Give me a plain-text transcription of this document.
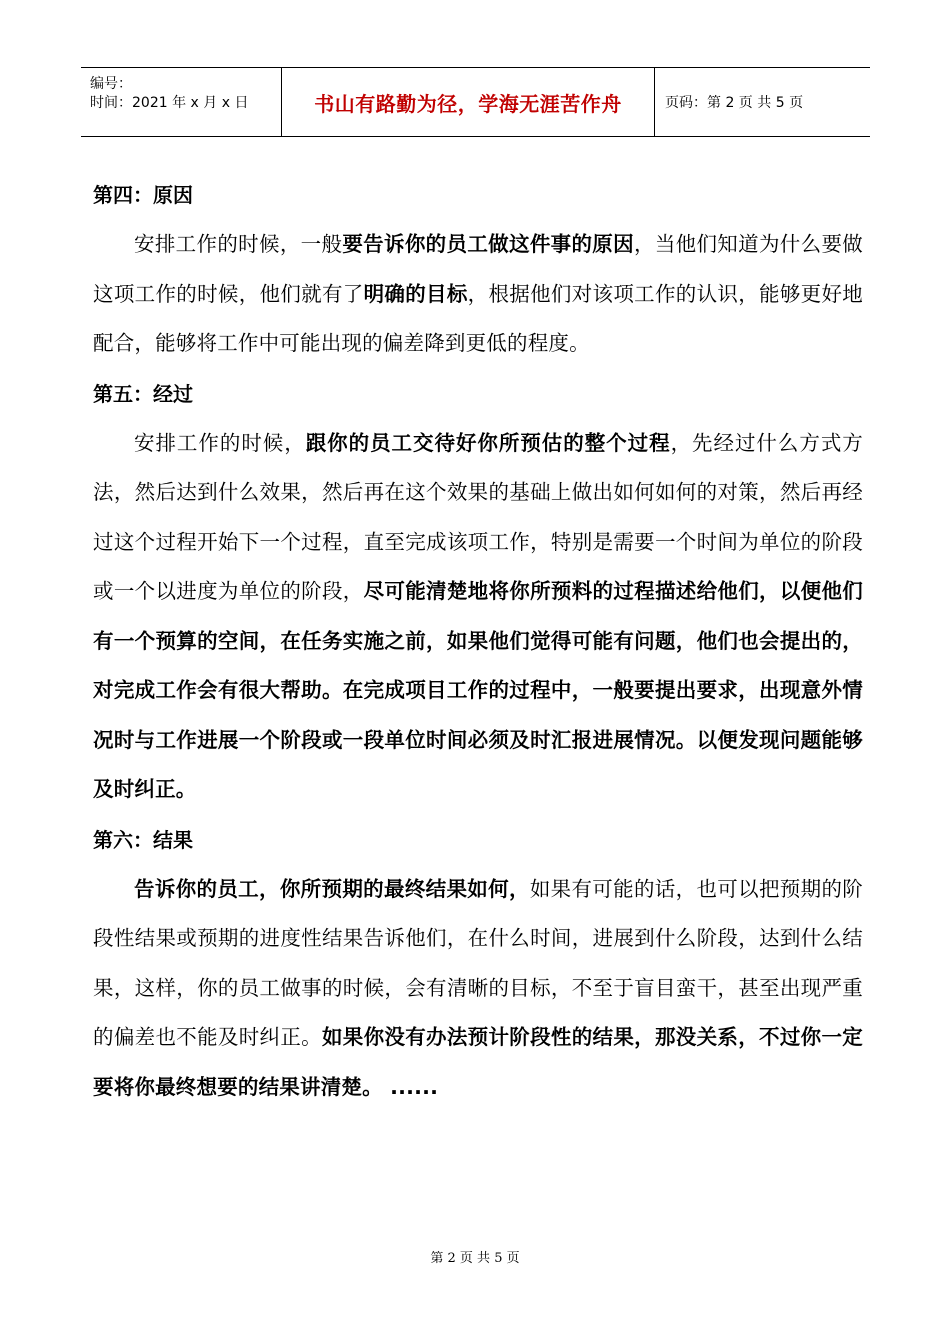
编号：
时间：2021 年 x 月 x 日	书山有路勤为径，学海无涯苦作舟	页码：第 2 页 共 5 页
第四：原因

安排工作的时候，一般要告诉你的员工做这件事的原因，当他们知道为什么要做这项工作的时候，他们就有了明确的目标，根据他们对该项工作的认识，能够更好地配合，能够将工作中可能出现的偏差降到更低的程度。

第五：经过

安排工作的时候，跟你的员工交待好你所预估的整个过程，先经过什么方式方法，然后达到什么效果，然后再在这个效果的基础上做出如何如何的对策，然后再经过这个过程开始下一个过程，直至完成该项工作，特别是需要一个时间为单位的阶段或一个以进度为单位的阶段，尽可能清楚地将你所预料的过程描述给他们，以便他们有一个预算的空间，在任务实施之前，如果他们觉得可能有问题，他们也会提出的，对完成工作会有很大帮助。在完成项目工作的过程中，一般要提出要求，出现意外情况时与工作进展一个阶段或一段单位时间必须及时汇报进展情况。以便发现问题能够及时纠正。

第六：结果

告诉你的员工，你所预期的最终结果如何，如果有可能的话，也可以把预期的阶段性结果或预期的进度性结果告诉他们，在什么时间，进展到什么阶段，达到什么结果，这样，你的员工做事的时候，会有清晰的目标，不至于盲目蛮干，甚至出现严重的偏差也不能及时纠正。如果你没有办法预计阶段性的结果，那没关系，不过你一定要将你最终想要的结果讲清楚。 ......

第 2 页 共 5 页
